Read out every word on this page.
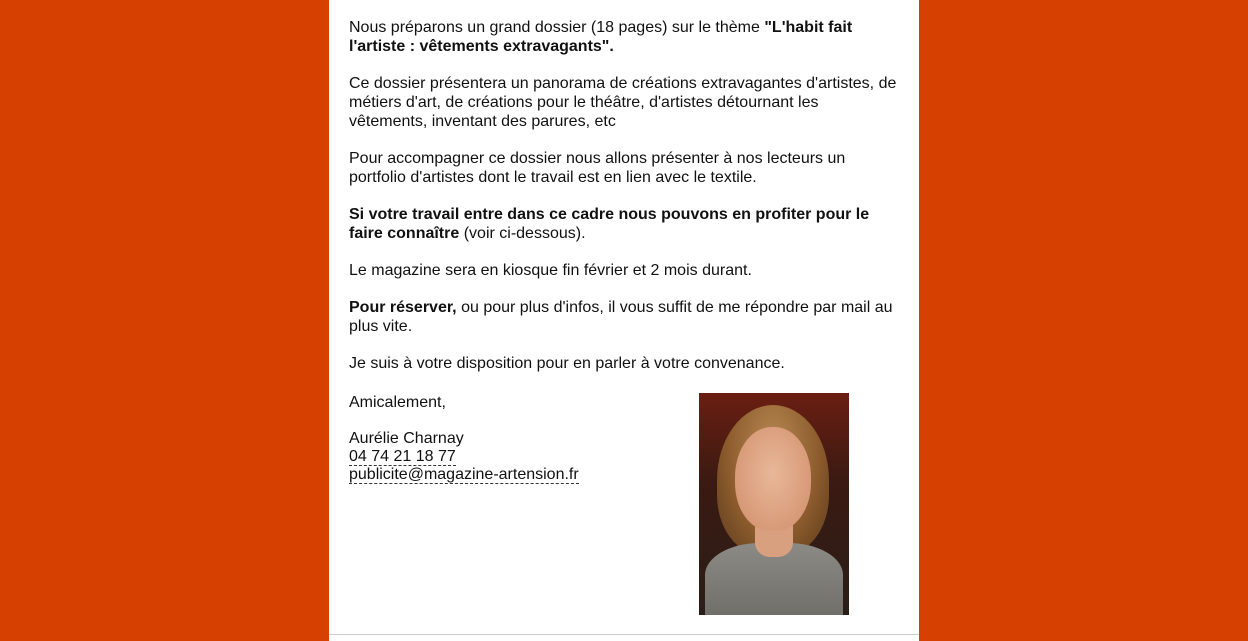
Nous préparons un grand dossier (18 pages) sur le thème "L'habit fait l'artiste : vêtements extravagants".

Ce dossier présentera un panorama de créations extravagantes d'artistes, de métiers d'art, de créations pour le théâtre, d'artistes détournant les vêtements, inventant des parures, etc

Pour accompagner ce dossier nous allons présenter à nos lecteurs un portfolio d'artistes dont le travail est en lien avec le textile.

Si votre travail entre dans ce cadre nous pouvons en profiter pour le faire connaître (voir ci-dessous).

Le magazine sera en kiosque fin février et 2 mois durant.

Pour réserver, ou pour plus d'infos, il vous suffit de me répondre par mail au plus vite.

Je suis à votre disposition pour en parler à votre convenance.

Amicalement,
Aurélie Charnay
04 74 21 18 77
publicite@magazine-artension.fr
